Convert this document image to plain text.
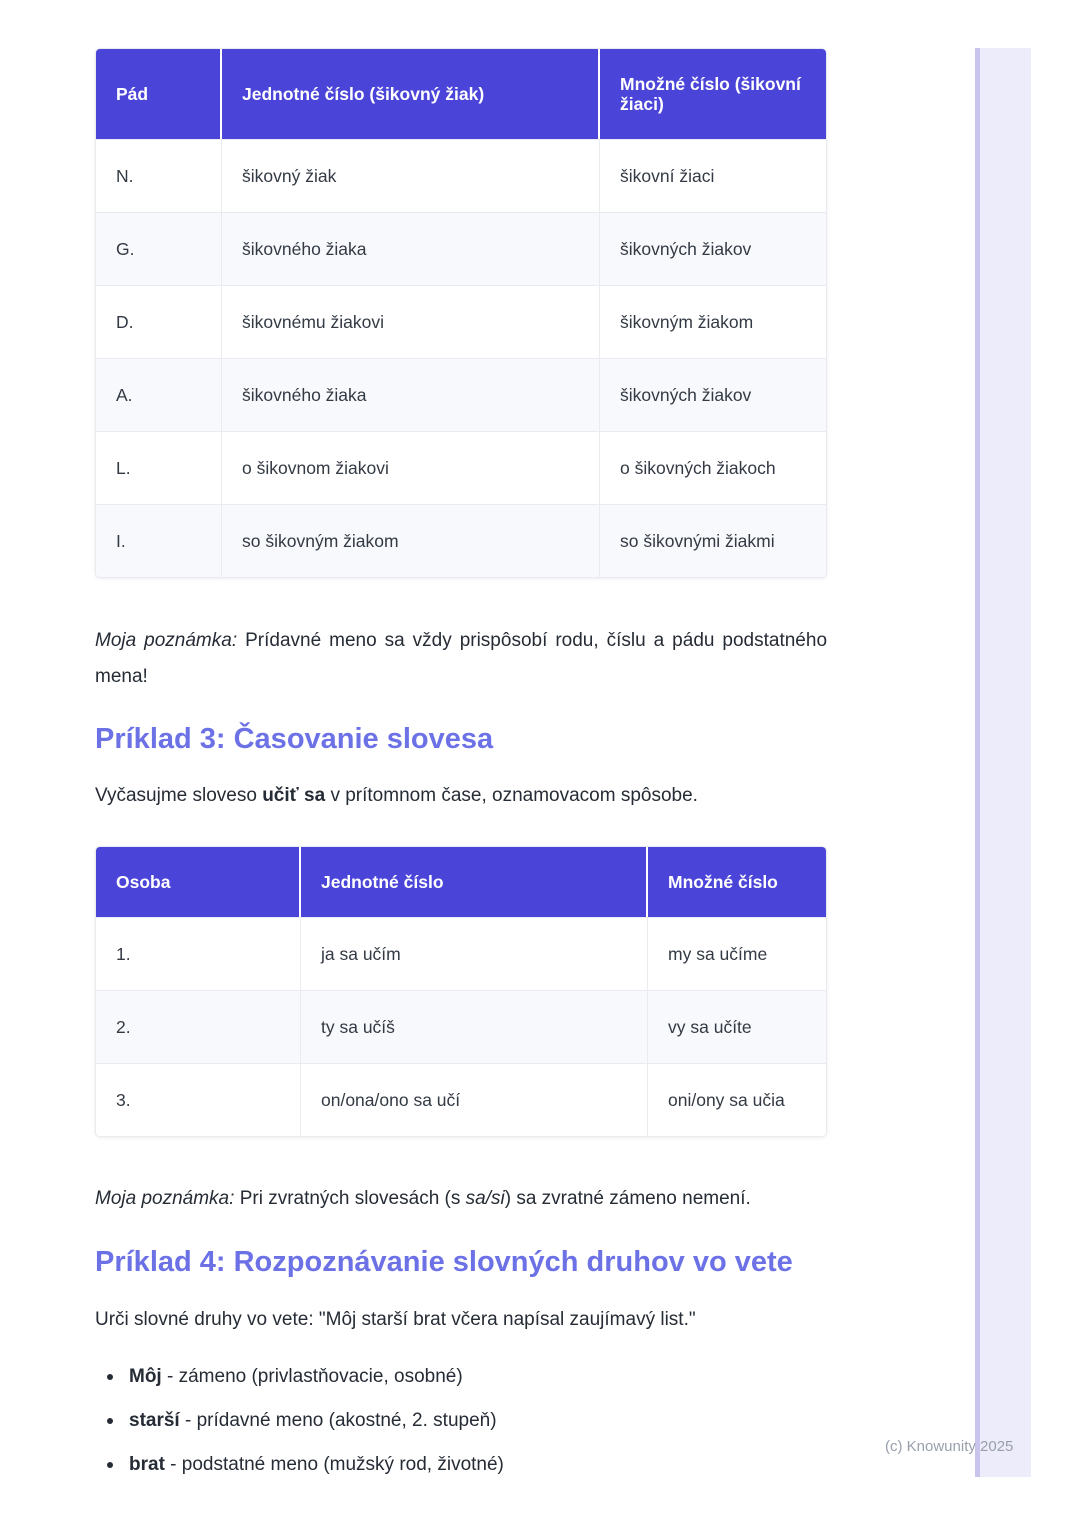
Pád	Jednotné číslo (šikovný žiak)	Množné číslo (šikovní žiaci)
N.	šikovný žiak	šikovní žiaci
G.	šikovného žiaka	šikovných žiakov
D.	šikovnému žiakovi	šikovným žiakom
A.	šikovného žiaka	šikovných žiakov
L.	o šikovnom žiakovi	o šikovných žiakoch
I.	so šikovným žiakom	so šikovnými žiakmi

Moja poznámka: Prídavné meno sa vždy prispôsobí rodu, číslu a pádu podstatného mena!

Príklad 3: Časovanie slovesa

Vyčasujme sloveso učiť sa v prítomnom čase, oznamovacom spôsobe.

Osoba	Jednotné číslo	Množné číslo
1.	ja sa učím	my sa učíme
2.	ty sa učíš	vy sa učíte
3.	on/ona/ono sa učí	oni/ony sa učia

Moja poznámka: Pri zvratných slovesách (s sa/si) sa zvratné zámeno nemení.

Príklad 4: Rozpoznávanie slovných druhov vo vete

Urči slovné druhy vo vete: "Môj starší brat včera napísal zaujímavý list."

Môj - zámeno (privlastňovacie, osobné)
starší - prídavné meno (akostné, 2. stupeň)
brat - podstatné meno (mužský rod, životné)
(c) Knowunity 2025
